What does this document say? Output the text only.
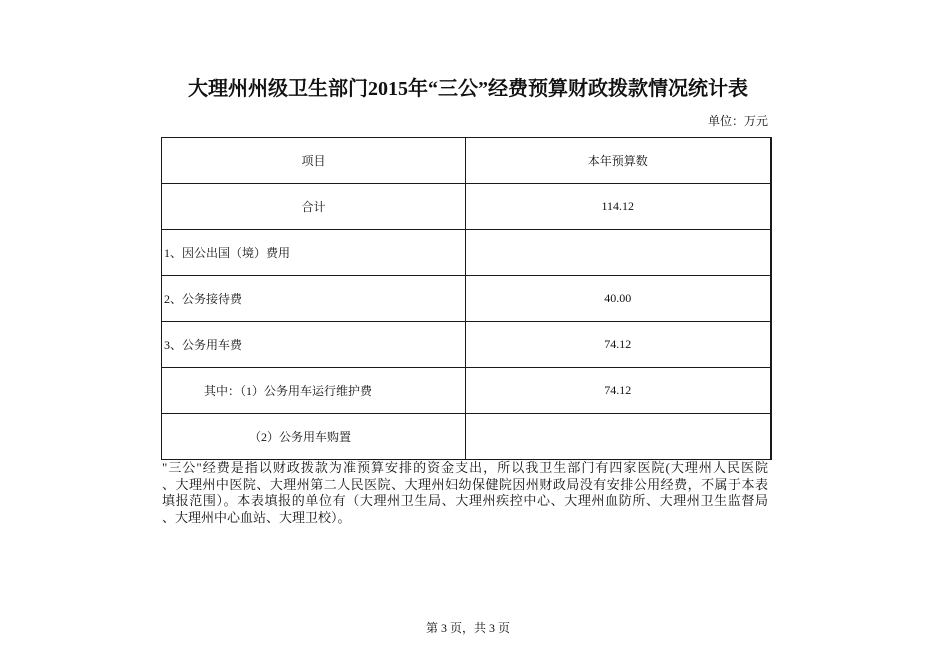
大理州州级卫生部门2015年“三公”经费预算财政拨款情况统计表
单位：万元
项目	本年预算数
合计	114.12
1、因公出国（境）费用	
2、公务接待费	40.00
3、公务用车费	74.12
其中：（1）公务用车运行维护费	74.12
（2）公务用车购置	
"三公"经费是指以财政拨款为准预算安排的资金支出，所以我卫生部门有四家医院(大理州人民医院
、大理州中医院、大理州第二人民医院、大理州妇幼保健院因州财政局没有安排公用经费，不属于本表
填报范围）。本表填报的单位有（大理州卫生局、大理州疾控中心、大理州血防所、大理州卫生监督局
、大理州中心血站、大理卫校）。
第 3 页，共 3 页
